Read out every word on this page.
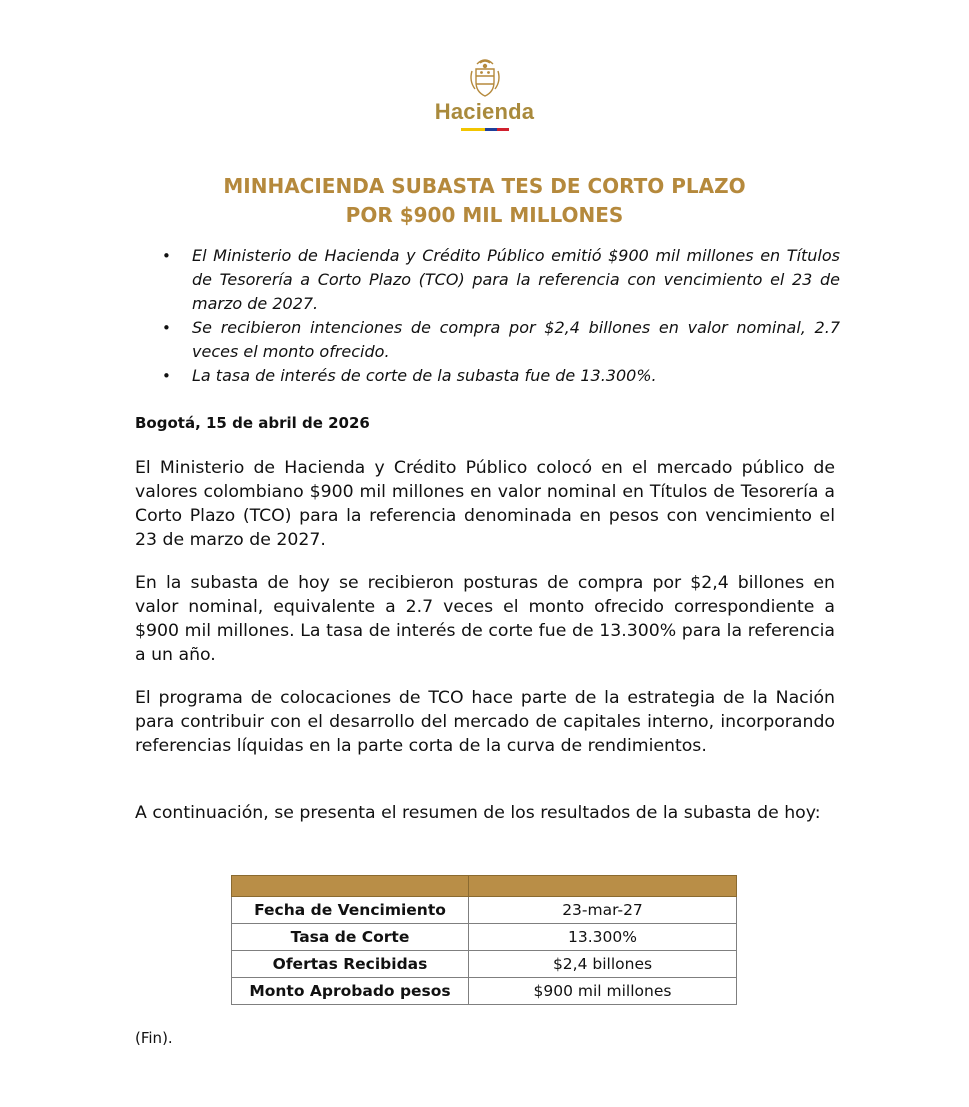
Hacienda
MINHACIENDA SUBASTA TES DE CORTO PLAZO
POR $900 MIL MILLONES
• El Ministerio de Hacienda y Crédito Público emitió $900 mil millones en Títulos de Tesorería a Corto Plazo (TCO) para la referencia con vencimiento el 23 de marzo de 2027.
• Se recibieron intenciones de compra por $2,4 billones en valor nominal, 2.7 veces el monto ofrecido.
• La tasa de interés de corte de la subasta fue de 13.300%.

Bogotá, 15 de abril de 2026

El Ministerio de Hacienda y Crédito Público colocó en el mercado público de valores colombiano $900 mil millones en valor nominal en Títulos de Tesorería a Corto Plazo (TCO) para la referencia denominada en pesos con vencimiento el 23 de marzo de 2027.

En la subasta de hoy se recibieron posturas de compra por $2,4 billones en valor nominal, equivalente a 2.7 veces el monto ofrecido correspondiente a $900 mil millones. La tasa de interés de corte fue de 13.300% para la referencia a un año.

El programa de colocaciones de TCO hace parte de la estrategia de la Nación para contribuir con el desarrollo del mercado de capitales interno, incorporando referencias líquidas en la parte corta de la curva de rendimientos.

A continuación, se presenta el resumen de los resultados de la subasta de hoy:

Fecha de Vencimiento	23-mar-27
Tasa de Corte	13.300%
Ofertas Recibidas	$2,4 billones
Monto Aprobado pesos	$900 mil millones

(Fin).
